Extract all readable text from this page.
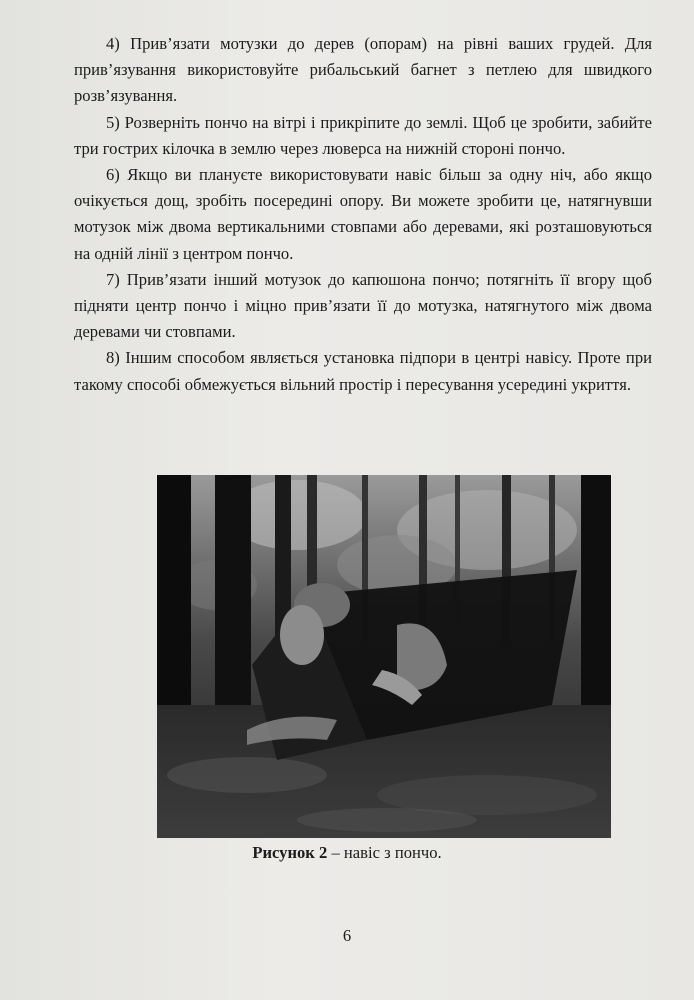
4) Прив’язати мотузки до дерев (опорам) на рівні ваших грудей. Для прив’язування використовуйте рибальський багнет з петлею для швидкого розв’язування.

5) Розверніть пончо на вітрі і прикріпите до землі. Щоб це зробити, забийте три гострих кілочка в землю через люверса на нижній стороні пончо.

6) Якщо ви плануєте використовувати навіс більш за одну ніч, або якщо очікується дощ, зробіть посередині опору. Ви можете зробити це, натягнувши мотузок між двома вертикальними стовпами або деревами, які розташовуються на одній лінії з центром пончо.

7) Прив’язати інший мотузок до капюшона пончо; потягніть її вгору щоб підняти центр пончо і міцно прив’язати її до мотузка, натягнутого між двома деревами чи стовпами.

8) Іншим способом являється установка підпори в центрі навісу. Проте при такому способі обмежується вільний простір і пересування усередині укриття.

Рисунок 2 – навіс з пончо.
6
